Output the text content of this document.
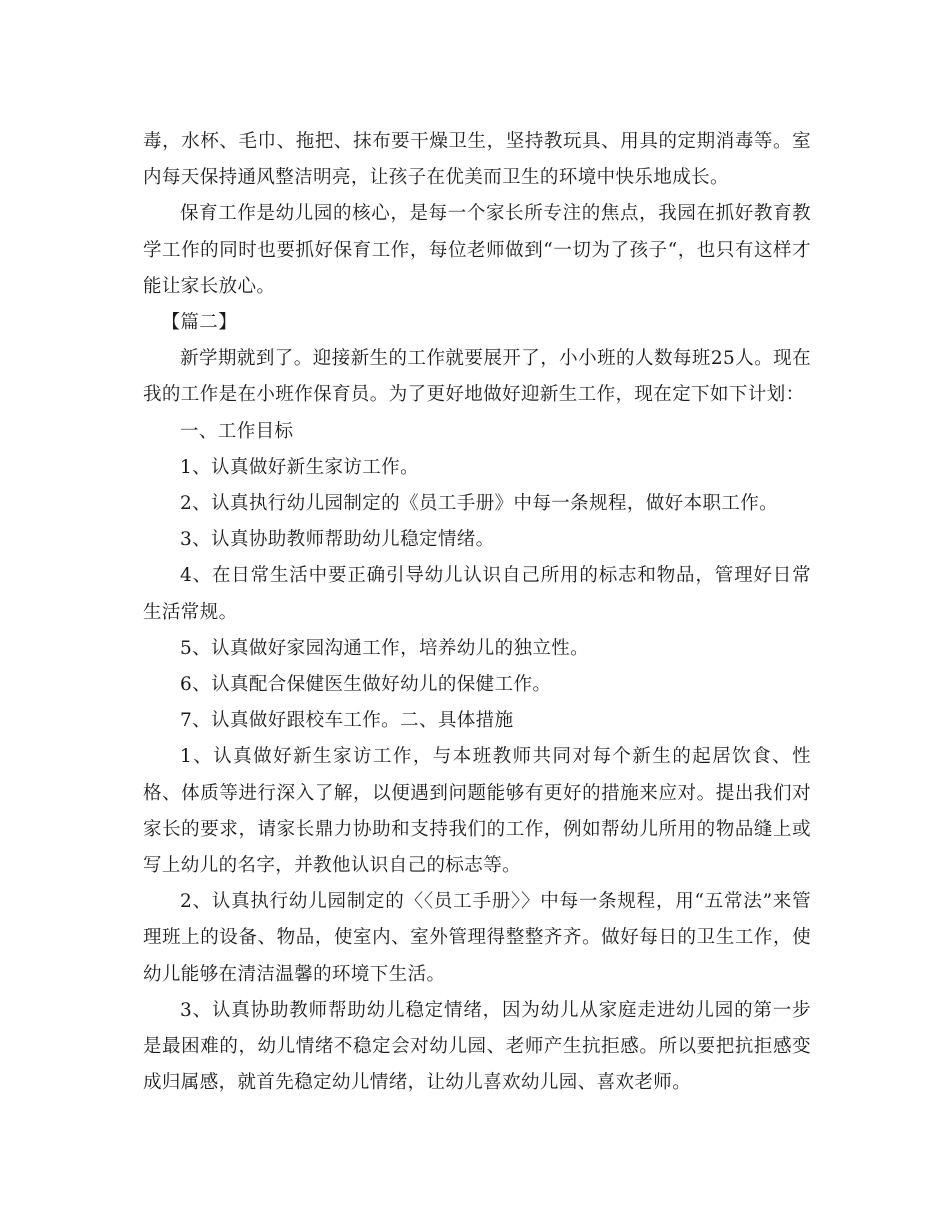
毒，水杯、毛巾、拖把、抹布要干燥卫生，坚持教玩具、用具的定期消毒等。室内每天保持通风整洁明亮，让孩子在优美而卫生的环境中快乐地成长。

保育工作是幼儿园的核心，是每一个家长所专注的焦点，我园在抓好教育教学工作的同时也要抓好保育工作，每位老师做到“一切为了孩子“，也只有这样才能让家长放心。

【篇二】

新学期就到了。迎接新生的工作就要展开了，小小班的人数每班25人。现在我的工作是在小班作保育员。为了更好地做好迎新生工作，现在定下如下计划：

一、工作目标

1、认真做好新生家访工作。

2、认真执行幼儿园制定的《员工手册》中每一条规程，做好本职工作。

3、认真协助教师帮助幼儿稳定情绪。

4、在日常生活中要正确引导幼儿认识自己所用的标志和物品，管理好日常生活常规。

5、认真做好家园沟通工作，培养幼儿的独立性。

6、认真配合保健医生做好幼儿的保健工作。

7、认真做好跟校车工作。二、具体措施

1、认真做好新生家访工作，与本班教师共同对每个新生的起居饮食、性格、体质等进行深入了解，以便遇到问题能够有更好的措施来应对。提出我们对家长的要求，请家长鼎力协助和支持我们的工作，例如帮幼儿所用的物品缝上或写上幼儿的名字，并教他认识自己的标志等。

2、认真执行幼儿园制定的〈〈员工手册〉〉中每一条规程，用“五常法”来管理班上的设备、物品，使室内、室外管理得整整齐齐。做好每日的卫生工作，使幼儿能够在清洁温馨的环境下生活。

3、认真协助教师帮助幼儿稳定情绪，因为幼儿从家庭走进幼儿园的第一步是最困难的，幼儿情绪不稳定会对幼儿园、老师产生抗拒感。所以要把抗拒感变成归属感，就首先稳定幼儿情绪，让幼儿喜欢幼儿园、喜欢老师。
